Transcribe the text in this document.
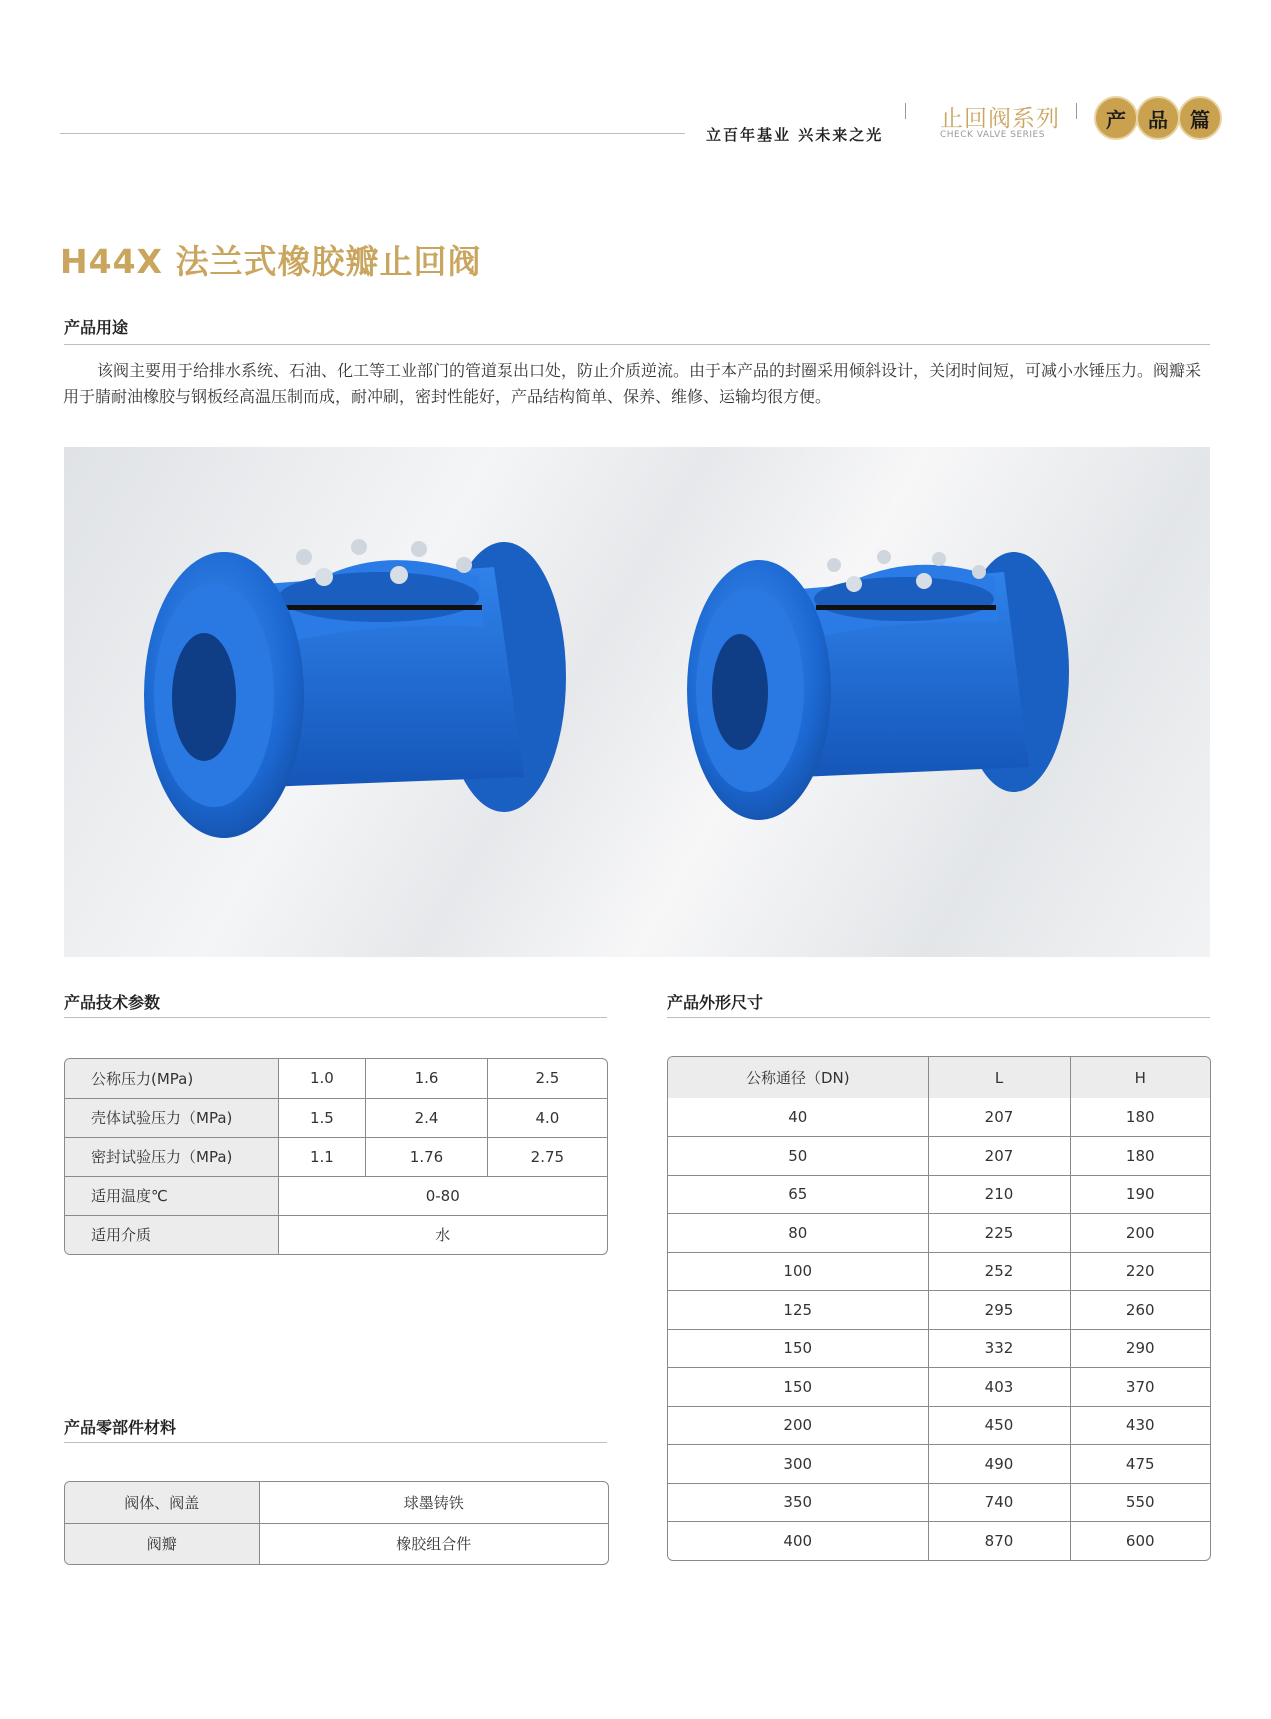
立百年基业 兴未来之光
止回阀系列
CHECK VALVE SERIES
产	品	篇
H44X 法兰式橡胶瓣止回阀
产品用途
该阀主要用于给排水系统、石油、化工等工业部门的管道泵出口处，防止介质逆流。由于本产品的封圈采用倾斜设计，关闭时间短，可减小水锤压力。阀瓣采用于腈耐油橡胶与钢板经高温压制而成，耐冲刷，密封性能好，产品结构简单、保养、维修、运输均很方便。
产品技术参数
公称压力(MPa)	1.0	1.6	2.5
壳体试验压力（MPa)	1.5	2.4	4.0
密封试验压力（MPa)	1.1	1.76	2.75
适用温度℃	0-80		
适用介质	水		
产品零部件材料
阀体、阀盖	球墨铸铁
阀瓣	橡胶组合件
产品外形尺寸
公称通径（DN)	L	H
40	207	180
50	207	180
65	210	190
80	225	200
100	252	220
125	295	260
150	332	290
150	403	370
200	450	430
300	490	475
350	740	550
400	870	600
